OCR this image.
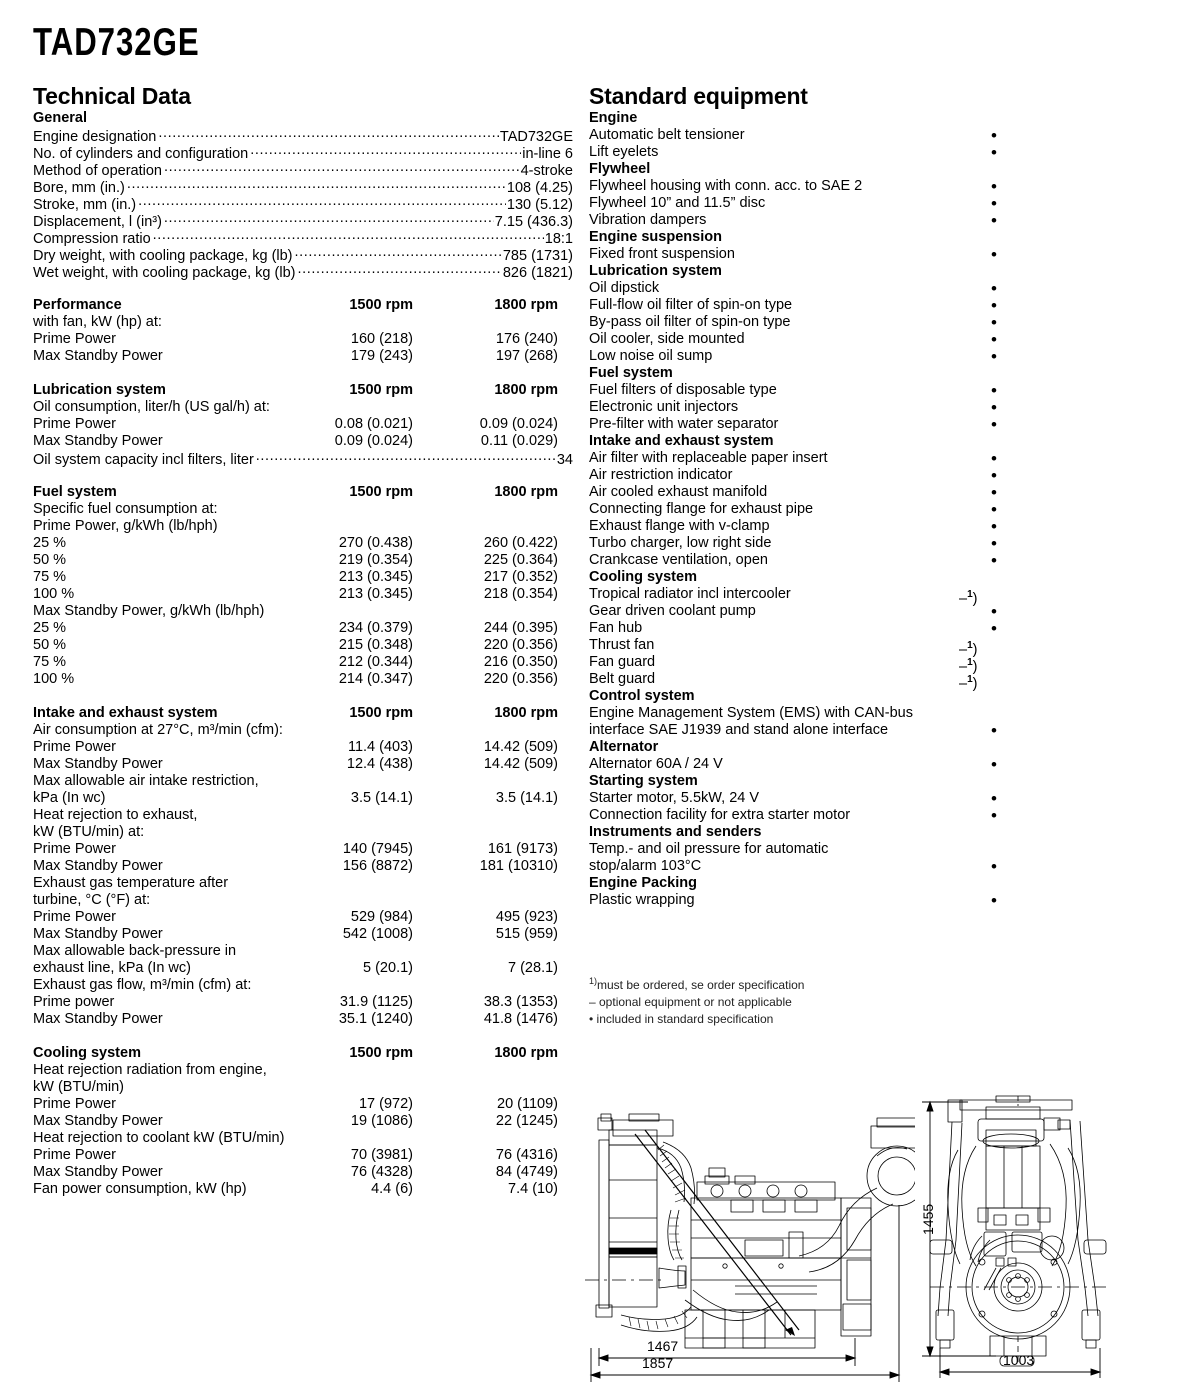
TAD732GE
Technical Data
General
Engine designation .....	TAD732GE
No. of cylinders and configuration .....	in-line 6
Method of operation .....	4-stroke
Bore, mm (in.) .....	108 (4.25)
Stroke, mm (in.) .....	130 (5.12)
Displacement, l (in³) .....	7.15 (436.3)
Compression ratio .....	18:1
Dry weight, with cooling package, kg (lb) .....	785 (1731)
Wet weight, with cooling package, kg (lb) .....	826 (1821)
Performance	1500 rpm	1800 rpm
with fan, kW (hp) at:
Prime Power	160 (218)	176 (240)
Max Standby Power	179 (243)	197 (268)
Lubrication system	1500 rpm	1800 rpm
Oil consumption, liter/h (US gal/h) at:
Prime Power	0.08 (0.021)	0.09 (0.024)
Max Standby Power	0.09 (0.024)	0.11 (0.029)
Oil system capacity incl filters, liter .....	34
Fuel system	1500 rpm	1800 rpm
Specific fuel consumption at:
Prime Power, g/kWh (lb/hph)
25 %	270 (0.438)	260 (0.422)
50 %	219 (0.354)	225 (0.364)
75 %	213 (0.345)	217 (0.352)
100 %	213 (0.345)	218 (0.354)
Max Standby Power, g/kWh (lb/hph)
25 %	234 (0.379)	244 (0.395)
50 %	215 (0.348)	220 (0.356)
75 %	212 (0.344)	216 (0.350)
100 %	214 (0.347)	220 (0.356)
Intake and exhaust system	1500 rpm	1800 rpm
Air consumption at 27°C, m³/min (cfm):
Prime Power	11.4 (403)	14.42 (509)
Max Standby Power	12.4 (438)	14.42 (509)
Max allowable air intake restriction,
kPa (In wc)	3.5 (14.1)	3.5 (14.1)
Heat rejection to exhaust,
kW (BTU/min) at:
Prime Power	140 (7945)	161 (9173)
Max Standby Power	156 (8872)	181 (10310)
Exhaust gas temperature after
turbine, °C (°F) at:
Prime Power	529 (984)	495 (923)
Max Standby Power	542 (1008)	515 (959)
Max allowable back-pressure in
exhaust line, kPa (In wc)	5 (20.1)	7 (28.1)
Exhaust gas flow, m³/min (cfm) at:
Prime power	31.9 (1125)	38.3 (1353)
Max Standby Power	35.1 (1240)	41.8 (1476)
Cooling system	1500 rpm	1800 rpm
Heat rejection radiation from engine,
kW (BTU/min)
Prime Power	17 (972)	20 (1109)
Max Standby Power	19 (1086)	22 (1245)
Heat rejection to coolant kW (BTU/min)
Prime Power	70 (3981)	76 (4316)
Max Standby Power	76 (4328)	84 (4749)
Fan power consumption, kW (hp)	4.4 (6)	7.4 (10)
Standard equipment
Engine
Automatic belt tensioner	•
Lift eyelets	•
Flywheel
Flywheel housing with conn. acc. to SAE 2	•
Flywheel 10” and 11.5” disc	•
Vibration dampers	•
Engine suspension
Fixed front suspension	•
Lubrication system
Oil dipstick	•
Full-flow oil filter of spin-on type	•
By-pass oil filter of spin-on type	•
Oil cooler, side mounted	•
Low noise oil sump	•
Fuel system
Fuel filters of disposable type	•
Electronic unit injectors	•
Pre-filter with water separator	•
Intake and exhaust system
Air filter with replaceable paper insert	•
Air restriction indicator	•
Air cooled exhaust manifold	•
Connecting flange for exhaust pipe	•
Exhaust flange with v-clamp	•
Turbo charger, low right side	•
Crankcase ventilation, open	•
Cooling system
Tropical radiator incl intercooler	–$^1$)
Gear driven coolant pump	•
Fan hub	•
Thrust fan	–$^1$)
Fan guard	–$^1$)
Belt guard	–$^1$)
Control system
Engine Management System (EMS) with CAN-bus
interface SAE J1939 and stand alone interface	•
Alternator
Alternator 60A / 24 V	•
Starting system
Starter motor, 5.5kW, 24 V	•
Connection facility for extra starter motor	•
Instruments and senders
Temp.- and oil pressure for automatic
stop/alarm 103°C	•
Engine Packing
Plastic wrapping	•
$^{1)}$must be ordered, se order specification
– optional equipment or not applicable
• included in standard specification
1467
1857
1455
1003
